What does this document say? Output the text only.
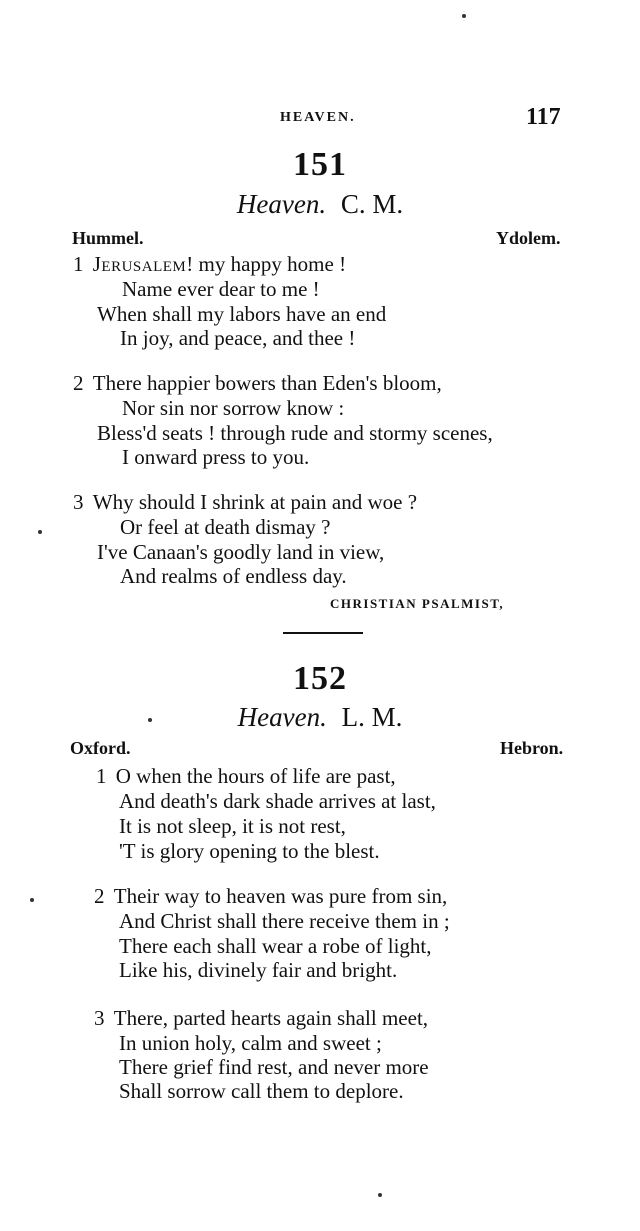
HEAVEN.	117
151
Heaven. C. M.
Hummel.	Ydolem.
1 Jerusalem! my happy home !
Name ever dear to me !
When shall my labors have an end
In joy, and peace, and thee !
2 There happier bowers than Eden's bloom,
Nor sin nor sorrow know :
Bless'd seats ! through rude and stormy scenes,
I onward press to you.
3 Why should I shrink at pain and woe ?
Or feel at death dismay ?
I've Canaan's goodly land in view,
And realms of endless day.
CHRISTIAN PSALMIST,
152
Heaven. L. M.
Oxford.	Hebron.
1 O when the hours of life are past,
And death's dark shade arrives at last,
It is not sleep, it is not rest,
'T is glory opening to the blest.
2 Their way to heaven was pure from sin,
And Christ shall there receive them in ;
There each shall wear a robe of light,
Like his, divinely fair and bright.
3 There, parted hearts again shall meet,
In union holy, calm and sweet ;
There grief find rest, and never more
Shall sorrow call them to deplore.
